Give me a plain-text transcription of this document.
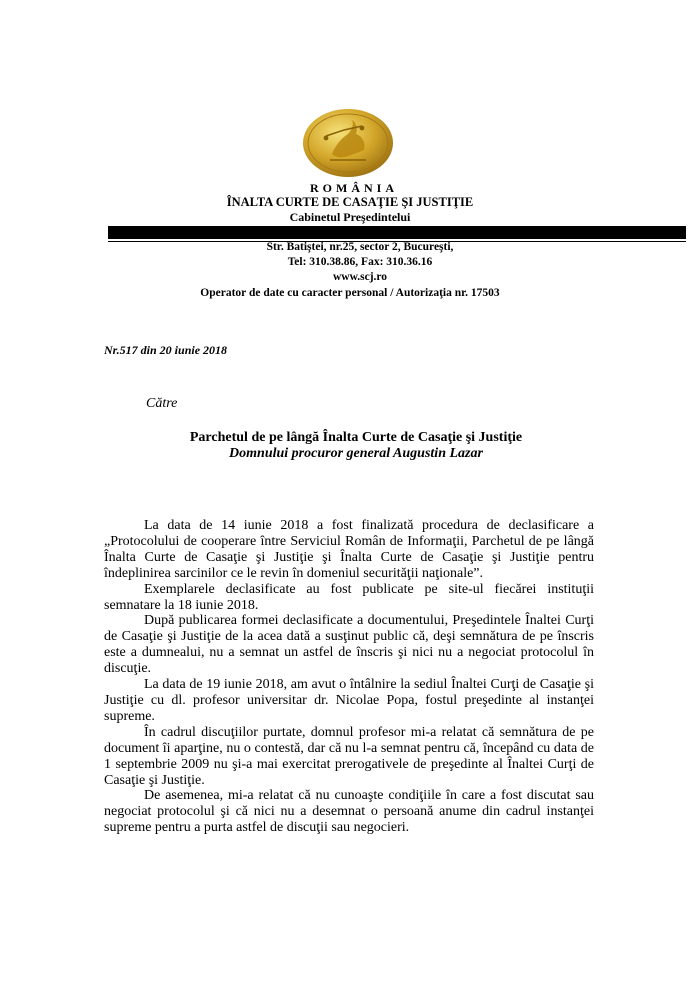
ROMÂNIA
ÎNALTA CURTE DE CASAŢIE ŞI JUSTIŢIE
Cabinetul Preşedintelui
Str. Batiştei, nr.25, sector 2, Bucureşti,
Tel: 310.38.86, Fax: 310.36.16
www.scj.ro
Operator de date cu caracter personal / Autorizaţia nr. 17503
Nr.517 din 20 iunie 2018
Către
Parchetul de pe lângă Înalta Curte de Casaţie şi Justiţie
Domnului procuror general Augustin Lazar

La data de 14 iunie 2018 a fost finalizată procedura de declasificare a „Protocolului de cooperare între Serviciul Român de Informaţii, Parchetul de pe lângă Înalta Curte de Casaţie şi Justiţie şi Înalta Curte de Casaţie şi Justiţie pentru îndeplinirea sarcinilor ce le revin în domeniul securităţii naţionale”.

Exemplarele declasificate au fost publicate pe site-ul fiecărei instituţii semnatare la 18 iunie 2018.

După publicarea formei declasificate a documentului, Preşedintele Înaltei Curţi de Casaţie şi Justiţie de la acea dată a susţinut public că, deşi semnătura de pe înscris este a dumnealui, nu a semnat un astfel de înscris şi nici nu a negociat protocolul în discuţie.

La data de 19 iunie 2018, am avut o întâlnire la sediul Înaltei Curţi de Casaţie şi Justiţie cu dl. profesor universitar dr. Nicolae Popa, fostul preşedinte al instanţei supreme.

În cadrul discuţiilor purtate, domnul profesor mi-a relatat că semnătura de pe document îi aparţine, nu o contestă, dar că nu l-a semnat pentru că, începând cu data de 1 septembrie 2009 nu şi-a mai exercitat prerogativele de preşedinte al Înaltei Curţi de Casaţie şi Justiţie.

De asemenea, mi-a relatat că nu cunoaşte condiţiile în care a fost discutat sau negociat protocolul şi că nici nu a desemnat o persoană anume din cadrul instanţei supreme pentru a purta astfel de discuţii sau negocieri.
